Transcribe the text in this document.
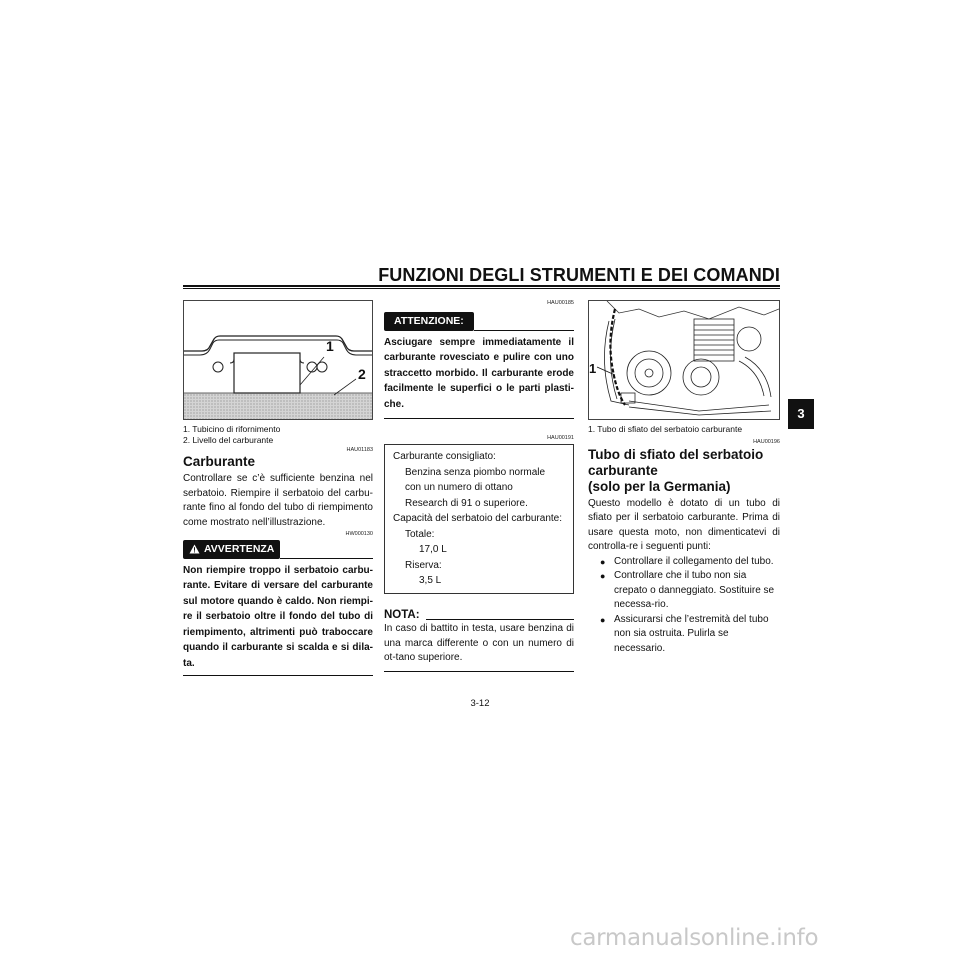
FUNZIONI DEGLI STRUMENTI E DEI COMANDI
3
1
2
1. Tubicino di rifornimento
2. Livello del carburante
HAU01183
Carburante

Controllare se c’è sufficiente benzina nel serbatoio. Riempire il serbatoio del carbu-rante fino al fondo del tubo di riempimento come mostrato nell’illustrazione.

HW000130
AVVERTENZA
Non riempire troppo il serbatoio carbu-rante. Evitare di versare del carburante sul motore quando è caldo. Non riempi-re il serbatoio oltre il fondo del tubo di riempimento, altrimenti può traboccare quando il carburante si scalda e si dila-ta.
HAU00185
ATTENZIONE:
Asciugare sempre immediatamente il carburante rovesciato e pulire con uno straccetto morbido. Il carburante erode facilmente le superfici o le parti plasti-che.
HAU00191
Carburante consigliato:
Benzina senza piombo normale
con un numero di ottano
Research di 91 o superiore.
Capacità del serbatoio del carburante:
Totale:
17,0 L
Riserva:
3,5 L
NOTA:

In caso di battito in testa, usare benzina di una marca differente o con un numero di ot-tano superiore.

1
1. Tubo di sfiato del serbatoio carburante
HAU00196
Tubo di sfiato del serbatoio
carburante
(solo per la Germania)

Questo modello è dotato di un tubo di sfiato per il serbatoio carburante. Prima di usare questa moto, non dimenticatevi di controlla-re i seguenti punti:

● Controllare il collegamento del tubo.
● Controllare che il tubo non sia crepato o danneggiato. Sostituire se necessa-rio.
● Assicurarsi che l’estremità del tubo non sia ostruita. Pulirla se necessario.
3-12
carmanualsonline.info
